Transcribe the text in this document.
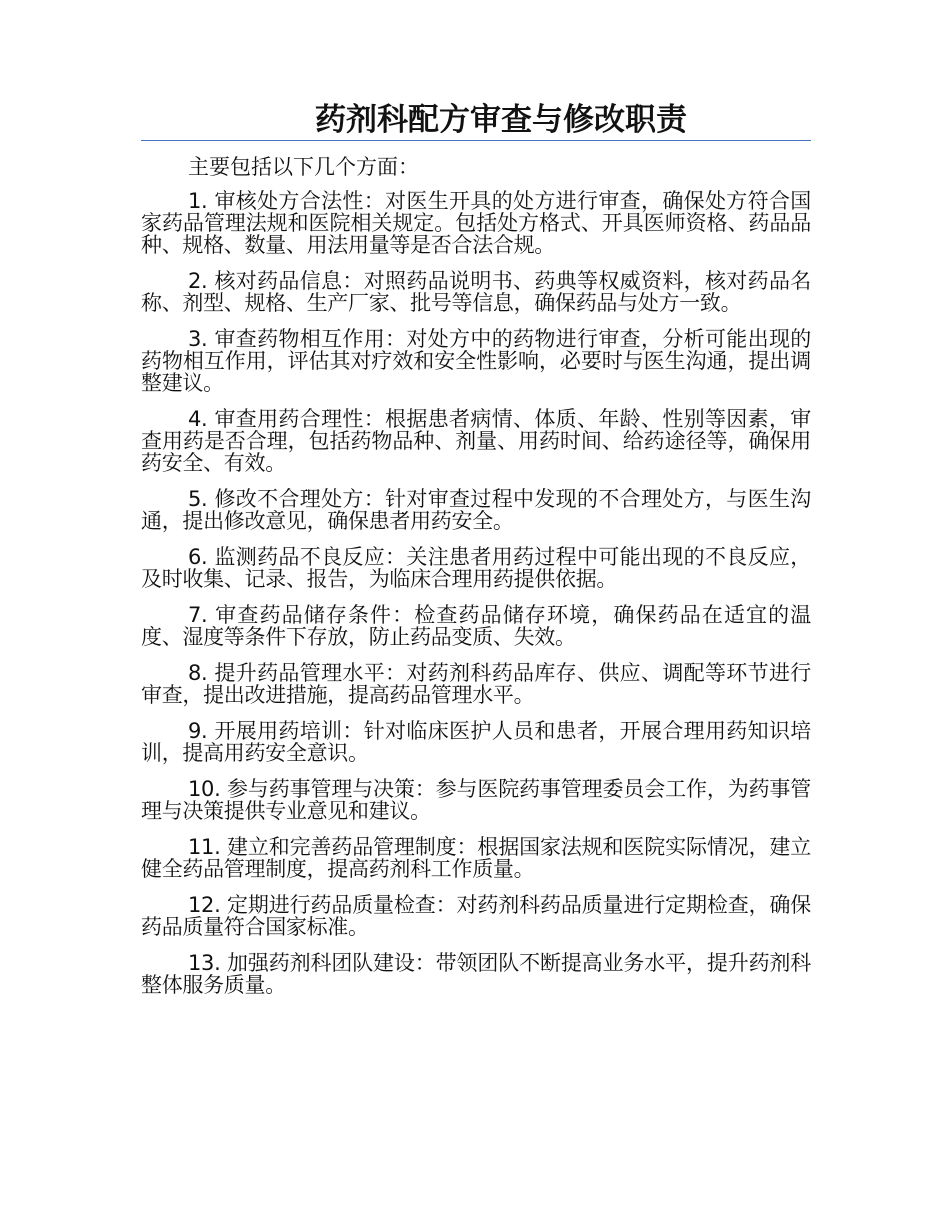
药剂科配方审查与修改职责

主要包括以下几个方面：

1. 审核处方合法性：对医生开具的处方进行审查，确保处方符合国家药品管理法规和医院相关规定。包括处方格式、开具医师资格、药品品种、规格、数量、用法用量等是否合法合规。

2. 核对药品信息：对照药品说明书、药典等权威资料，核对药品名称、剂型、规格、生产厂家、批号等信息，确保药品与处方一致。

3. 审查药物相互作用：对处方中的药物进行审查，分析可能出现的药物相互作用，评估其对疗效和安全性影响，必要时与医生沟通，提出调整建议。

4. 审查用药合理性：根据患者病情、体质、年龄、性别等因素，审查用药是否合理，包括药物品种、剂量、用药时间、给药途径等，确保用药安全、有效。

5. 修改不合理处方：针对审查过程中发现的不合理处方，与医生沟通，提出修改意见，确保患者用药安全。

6. 监测药品不良反应：关注患者用药过程中可能出现的不良反应，及时收集、记录、报告，为临床合理用药提供依据。

7. 审查药品储存条件：检查药品储存环境，确保药品在适宜的温度、湿度等条件下存放，防止药品变质、失效。

8. 提升药品管理水平：对药剂科药品库存、供应、调配等环节进行审查，提出改进措施，提高药品管理水平。

9. 开展用药培训：针对临床医护人员和患者，开展合理用药知识培训，提高用药安全意识。

10. 参与药事管理与决策：参与医院药事管理委员会工作，为药事管理与决策提供专业意见和建议。

11. 建立和完善药品管理制度：根据国家法规和医院实际情况，建立健全药品管理制度，提高药剂科工作质量。

12. 定期进行药品质量检查：对药剂科药品质量进行定期检查，确保药品质量符合国家标准。

13. 加强药剂科团队建设：带领团队不断提高业务水平，提升药剂科整体服务质量。
